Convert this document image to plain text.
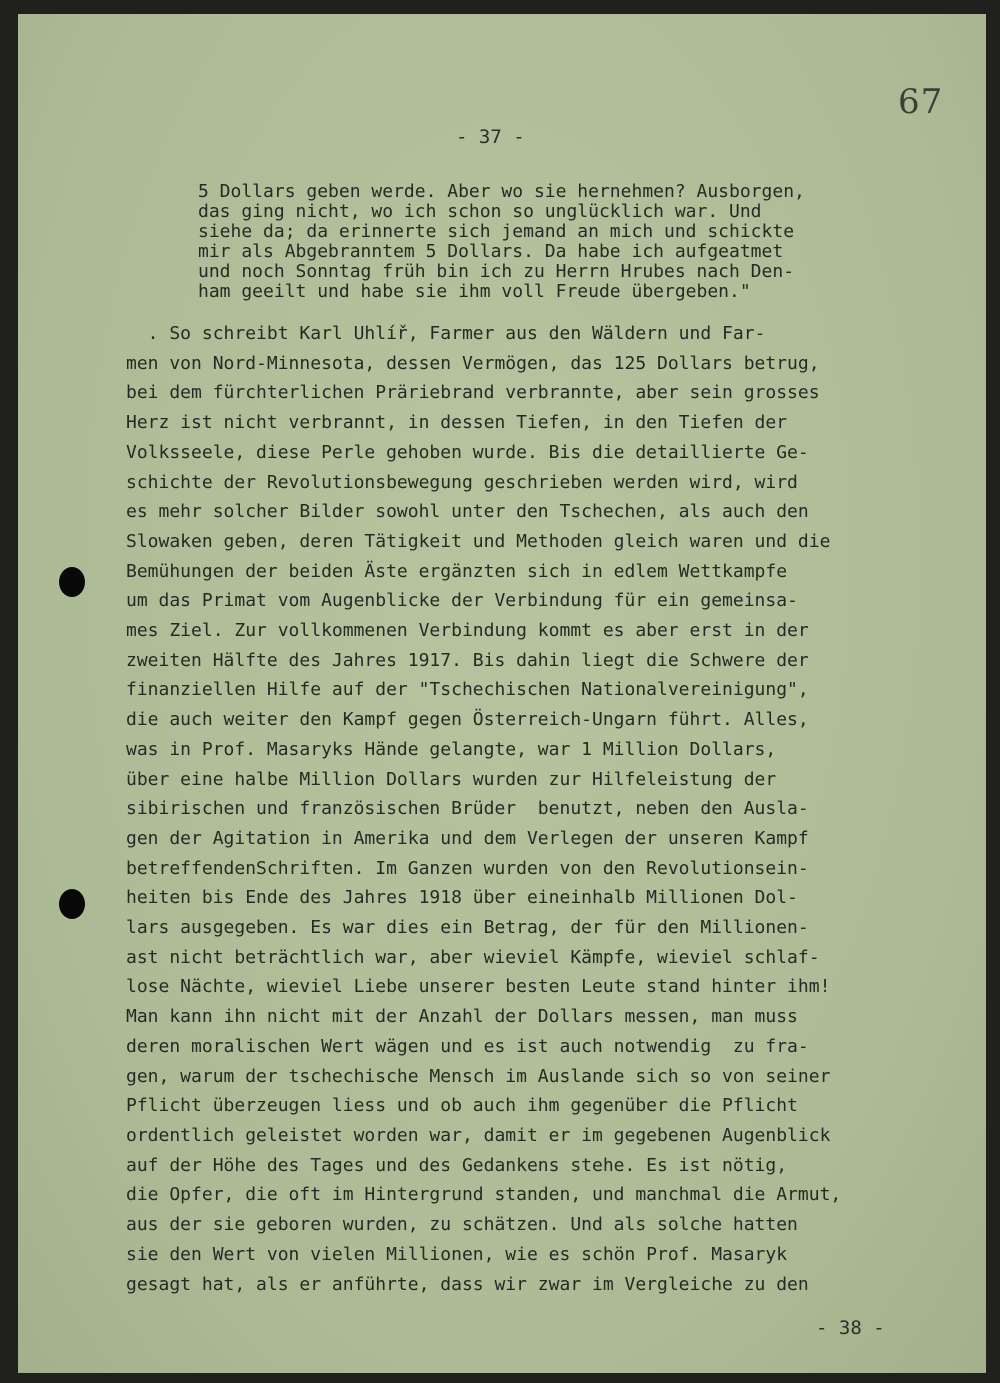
67

- 37 -

5 Dollars geben werde. Aber wo sie hernehmen? Ausborgen,
das ging nicht, wo ich schon so unglücklich war. Und
siehe da; da erinnerte sich jemand an mich und schickte
mir als Abgebranntem 5 Dollars. Da habe ich aufgeatmet
und noch Sonntag früh bin ich zu Herrn Hrubes nach Den-
ham geeilt und habe sie ihm voll Freude übergeben."

. So schreibt Karl Uhlíř, Farmer aus den Wäldern und Far-
men von Nord-Minnesota, dessen Vermögen, das 125 Dollars betrug,
bei dem fürchterlichen Präriebrand verbrannte, aber sein grosses
Herz ist nicht verbrannt, in dessen Tiefen, in den Tiefen der
Volksseele, diese Perle gehoben wurde. Bis die detaillierte Ge-
schichte der Revolutionsbewegung geschrieben werden wird, wird
es mehr solcher Bilder sowohl unter den Tschechen, als auch den
Slowaken geben, deren Tätigkeit und Methoden gleich waren und die
Bemühungen der beiden Äste ergänzten sich in edlem Wettkampfe
um das Primat vom Augenblicke der Verbindung für ein gemeinsa-
mes Ziel. Zur vollkommenen Verbindung kommt es aber erst in der
zweiten Hälfte des Jahres 1917. Bis dahin liegt die Schwere der
finanziellen Hilfe auf der "Tschechischen Nationalvereinigung",
die auch weiter den Kampf gegen Österreich-Ungarn führt. Alles,
was in Prof. Masaryks Hände gelangte, war 1 Million Dollars,
über eine halbe Million Dollars wurden zur Hilfeleistung der
sibirischen und französischen Brüder  benutzt, neben den Ausla-
gen der Agitation in Amerika und dem Verlegen der unseren Kampf
betreffendenSchriften. Im Ganzen wurden von den Revolutionsein-
heiten bis Ende des Jahres 1918 über eineinhalb Millionen Dol-
lars ausgegeben. Es war dies ein Betrag, der für den Millionen-
ast nicht beträchtlich war, aber wieviel Kämpfe, wieviel schlaf-
lose Nächte, wieviel Liebe unserer besten Leute stand hinter ihm!
Man kann ihn nicht mit der Anzahl der Dollars messen, man muss
deren moralischen Wert wägen und es ist auch notwendig  zu fra-
gen, warum der tschechische Mensch im Auslande sich so von seiner
Pflicht überzeugen liess und ob auch ihm gegenüber die Pflicht
ordentlich geleistet worden war, damit er im gegebenen Augenblick
auf der Höhe des Tages und des Gedankens stehe. Es ist nötig,
die Opfer, die oft im Hintergrund standen, und manchmal die Armut,
aus der sie geboren wurden, zu schätzen. Und als solche hatten
sie den Wert von vielen Millionen, wie es schön Prof. Masaryk
gesagt hat, als er anführte, dass wir zwar im Vergleiche zu den

- 38 -
